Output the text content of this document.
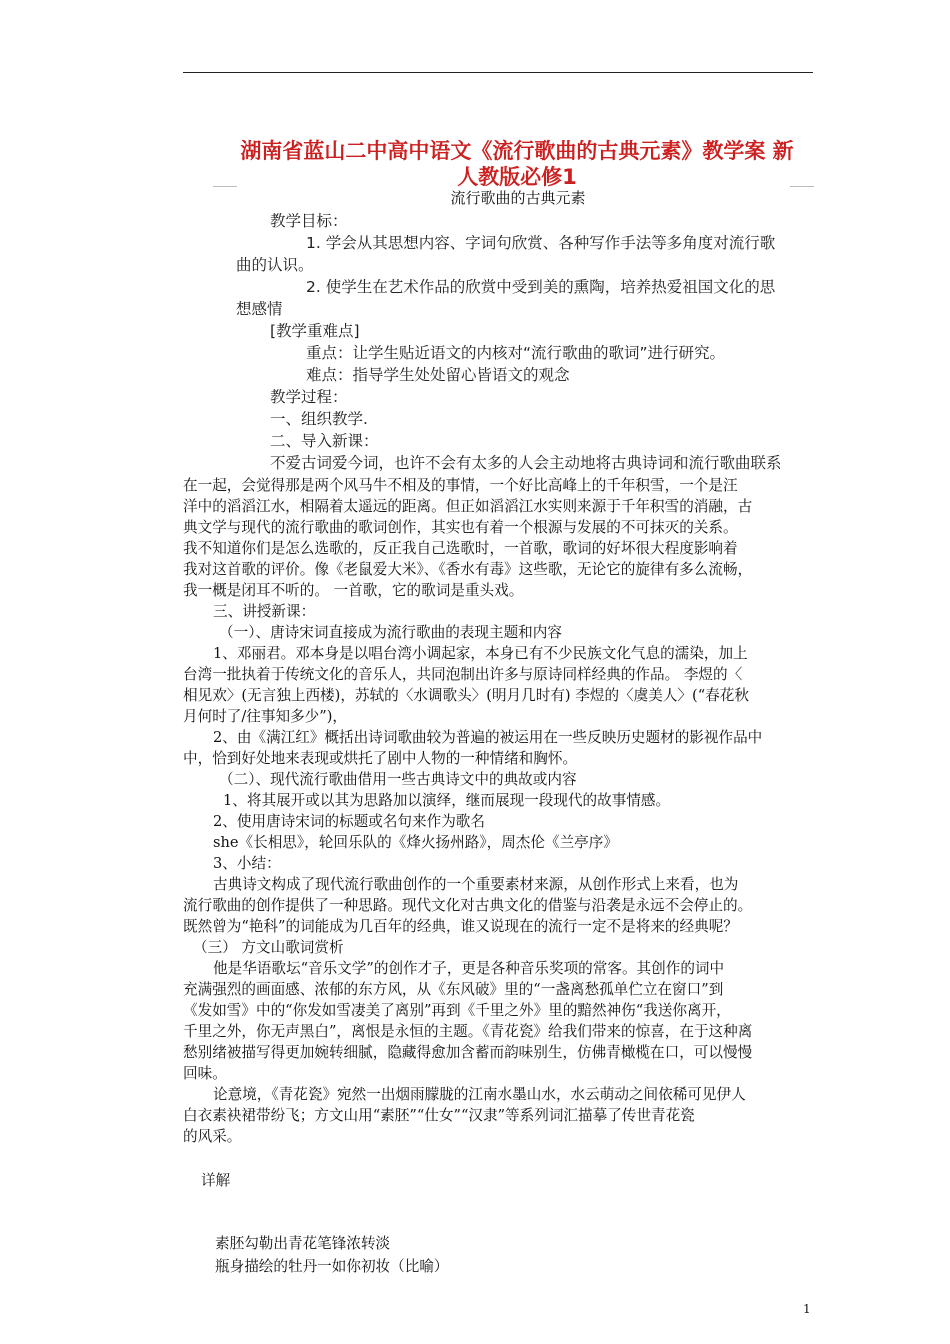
湖南省蓝山二中高中语文《流行歌曲的古典元素》教学案 新
人教版必修1
流行歌曲的古典元素
教学目标：
1. 学会从其思想内容、字词句欣赏、各种写作手法等多角度对流行歌
曲的认识。
2. 使学生在艺术作品的欣赏中受到美的熏陶，培养热爱祖国文化的思
想感情
[教学重难点]
重点：让学生贴近语文的内核对“流行歌曲的歌词”进行研究。
难点：指导学生处处留心皆语文的观念
教学过程：
一、组织教学.
二、导入新课：
不爱古词爱今词，也许不会有太多的人会主动地将古典诗词和流行歌曲联系
在一起，会觉得那是两个风马牛不相及的事情，一个好比高峰上的千年积雪，一个是汪
洋中的滔滔江水，相隔着太遥远的距离。但正如滔滔江水实则来源于千年积雪的消融，古
典文学与现代的流行歌曲的歌词创作，其实也有着一个根源与发展的不可抹灭的关系。
我不知道你们是怎么选歌的，反正我自己选歌时，一首歌，歌词的好坏很大程度影响着
我对这首歌的评价。像《老鼠爱大米》、《香水有毒》这些歌，无论它的旋律有多么流畅，
我一概是闭耳不听的。 一首歌，它的歌词是重头戏。
三、讲授新课：
（一）、唐诗宋词直接成为流行歌曲的表现主题和内容
1、邓丽君。邓本身是以唱台湾小调起家，本身已有不少民族文化气息的濡染，加上
台湾一批执着于传统文化的音乐人，共同泡制出许多与原诗同样经典的作品。 李煜的〈
相见欢〉(无言独上西楼)，苏轼的〈水调歌头〉(明月几时有) 李煜的〈虞美人〉(“春花秋
月何时了/往事知多少”)，
2、由《满江红》概括出诗词歌曲较为普遍的被运用在一些反映历史题材的影视作品中
中，恰到好处地来表现或烘托了剧中人物的一种情绪和胸怀。
（二）、现代流行歌曲借用一些古典诗文中的典故或内容
1、将其展开或以其为思路加以演绎，继而展现一段现代的故事情感。
2、使用唐诗宋词的标题或名句来作为歌名
she《长相思》，轮回乐队的《烽火扬州路》，周杰伦《兰亭序》
3、小结：
古典诗文构成了现代流行歌曲创作的一个重要素材来源，从创作形式上来看，也为
流行歌曲的创作提供了一种思路。现代文化对古典文化的借鉴与沿袭是永远不会停止的。
既然曾为“艳科”的词能成为几百年的经典，谁又说现在的流行一定不是将来的经典呢？
（三） 方文山歌词赏析
他是华语歌坛“音乐文学”的创作才子，更是各种音乐奖项的常客。其创作的词中
充满强烈的画面感、浓郁的东方风，从《东风破》里的“一盏离愁孤单伫立在窗口”到
《发如雪》中的“你发如雪凄美了离别”再到《千里之外》里的黯然神伤“我送你离开，
千里之外，你无声黑白”，离恨是永恒的主题。《青花瓷》给我们带来的惊喜，在于这种离
愁别绪被描写得更加婉转细腻，隐藏得愈加含蓄而韵味别生，仿佛青橄榄在口，可以慢慢
回味。
论意境，《青花瓷》宛然一出烟雨朦胧的江南水墨山水，水云萌动之间依稀可见伊人
白衣素袂裙带纷飞；方文山用“素胚”“仕女”“汉隶”等系列词汇描摹了传世青花瓷
的风采。
详解
素胚勾勒出青花笔锋浓转淡
瓶身描绘的牡丹一如你初妆（比喻）
1
